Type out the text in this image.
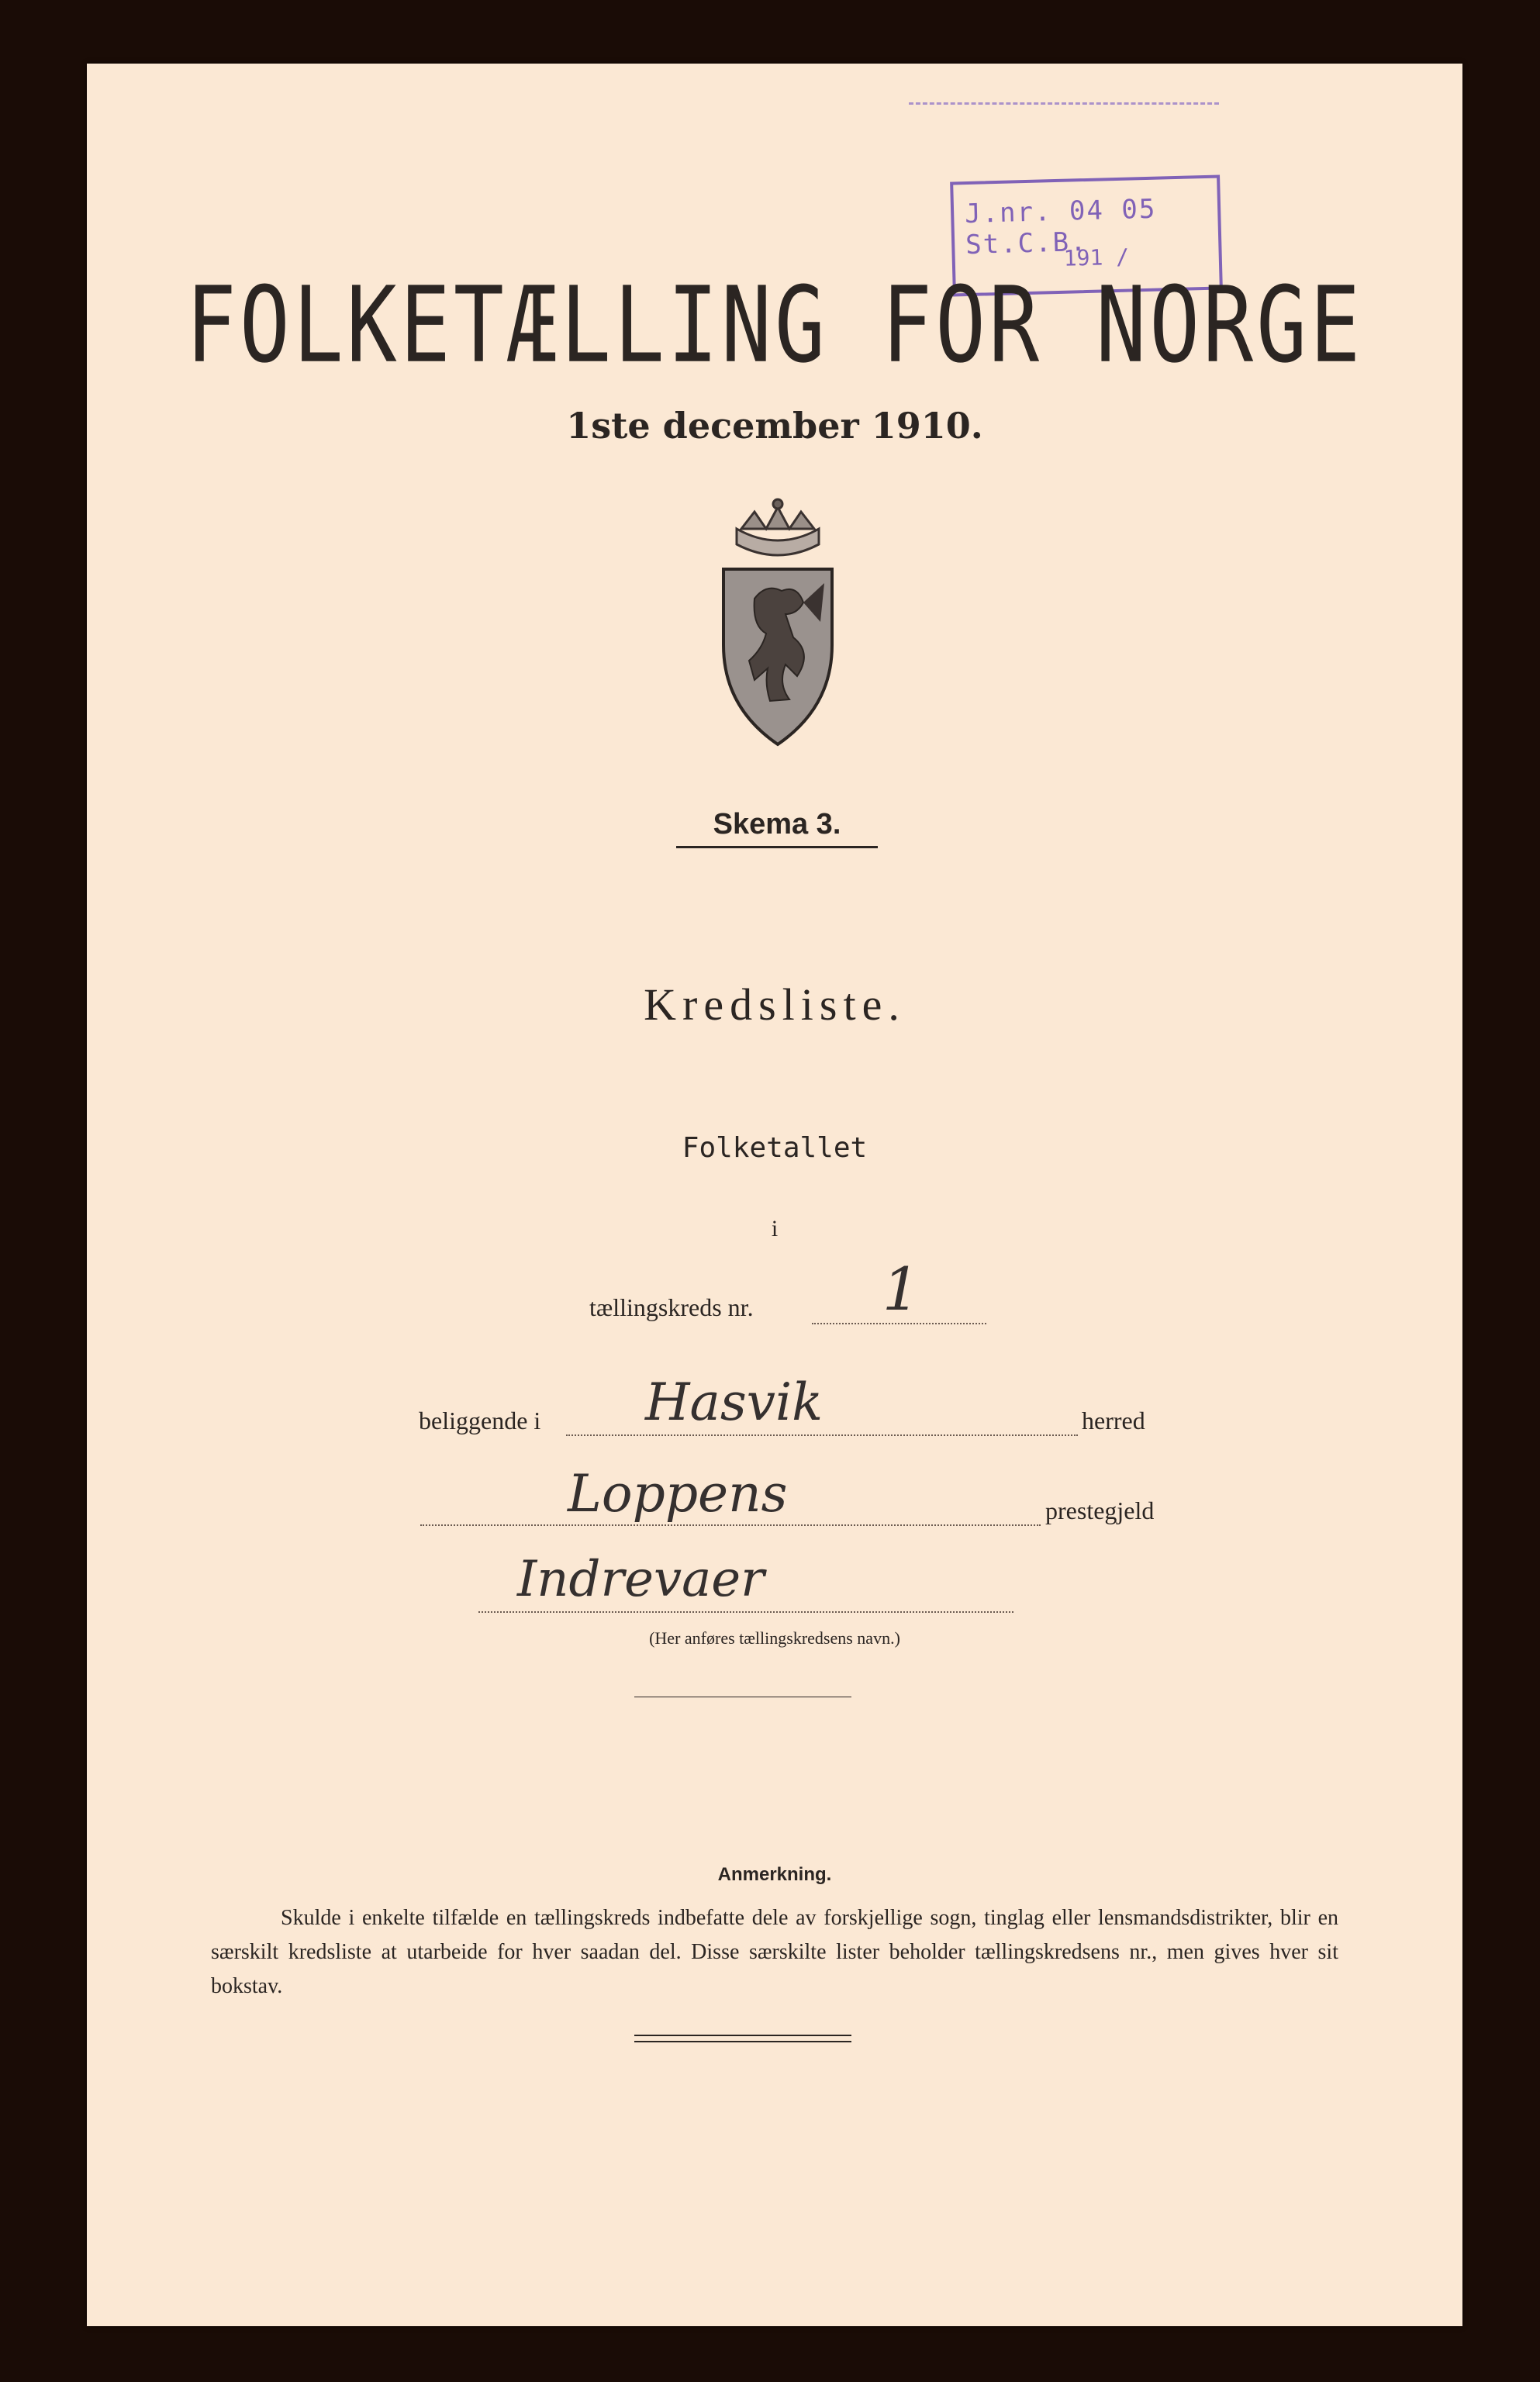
J.nr. 04 05 St.C.B.
191 /
FOLKETÆLLING FOR NORGE
1ste december 1910.
Skema 3.
Kredsliste.
Folketallet
i
tællingskreds nr.	1
beliggende i Hasvik	herred
Loppens	prestegjeld
Indrevaer
(Her anføres tællingskredsens navn.)
Anmerkning.
Skulde i enkelte tilfælde en tællingskreds indbefatte dele av forskjellige sogn, tinglag eller lensmandsdistrikter, blir en særskilt kredsliste at utarbeide for hver saadan del. Disse særskilte lister beholder tællingskredsens nr., men gives hver sit bokstav.
